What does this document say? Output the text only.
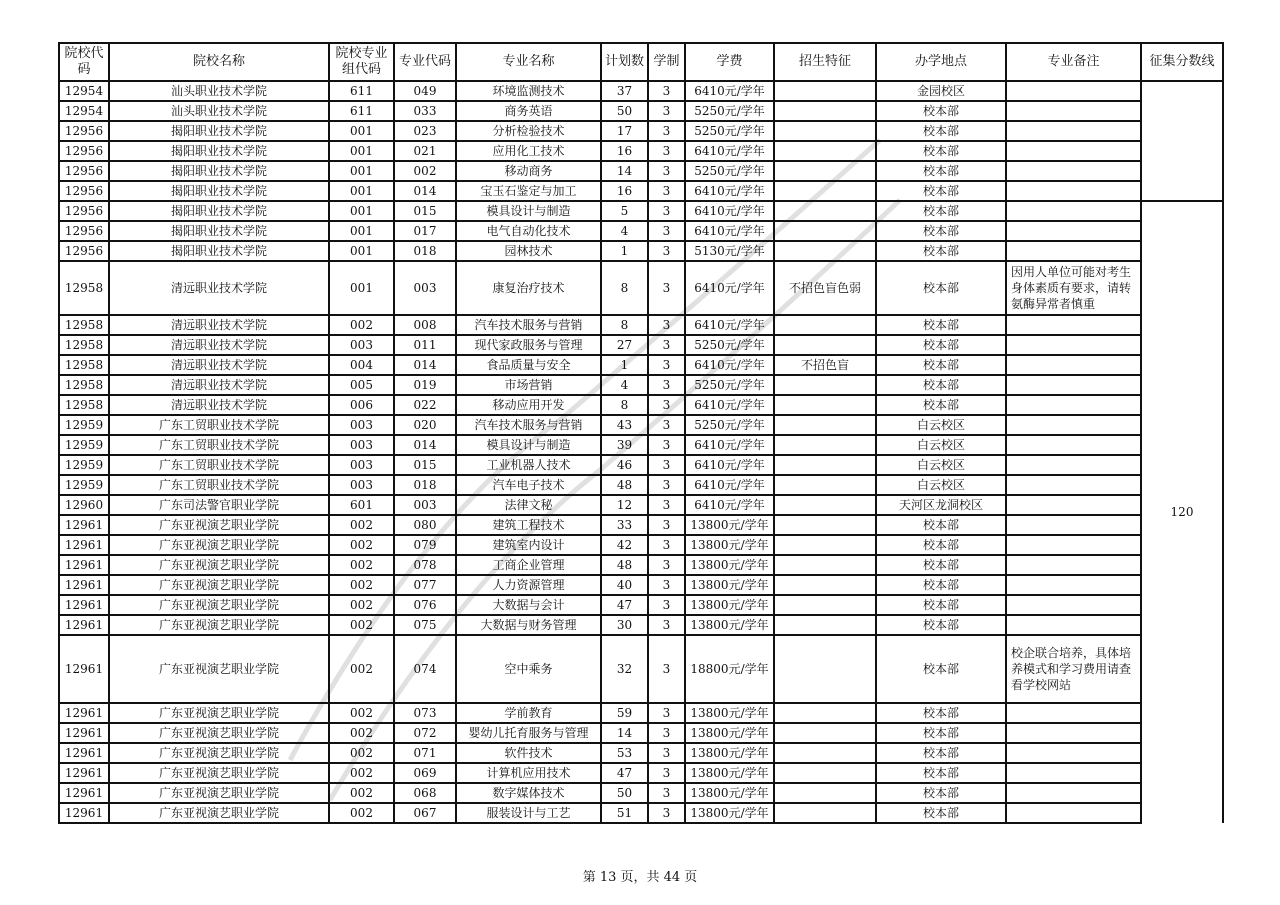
院校代码	院校名称	院校专业组代码	专业代码	专业名称	计划数	学制	学费	招生特征	办学地点	专业备注	征集分数线
12954	汕头职业技术学院	611	049	环境监测技术	37	3	6410元/学年		金园校区		
12954	汕头职业技术学院	611	033	商务英语	50	3	5250元/学年		校本部		
12956	揭阳职业技术学院	001	023	分析检验技术	17	3	5250元/学年		校本部		
12956	揭阳职业技术学院	001	021	应用化工技术	16	3	6410元/学年		校本部		
12956	揭阳职业技术学院	001	002	移动商务	14	3	5250元/学年		校本部		
12956	揭阳职业技术学院	001	014	宝玉石鉴定与加工	16	3	6410元/学年		校本部		
12956	揭阳职业技术学院	001	015	模具设计与制造	5	3	6410元/学年		校本部		120
12956	揭阳职业技术学院	001	017	电气自动化技术	4	3	6410元/学年		校本部		
12956	揭阳职业技术学院	001	018	园林技术	1	3	5130元/学年		校本部		
12958	清远职业技术学院	001	003	康复治疗技术	8	3	6410元/学年	不招色盲色弱	校本部	因用人单位可能对考生身体素质有要求，请转氨酶异常者慎重	
12958	清远职业技术学院	002	008	汽车技术服务与营销	8	3	6410元/学年		校本部		
12958	清远职业技术学院	003	011	现代家政服务与管理	27	3	5250元/学年		校本部		
12958	清远职业技术学院	004	014	食品质量与安全	1	3	6410元/学年	不招色盲	校本部		
12958	清远职业技术学院	005	019	市场营销	4	3	5250元/学年		校本部		
12958	清远职业技术学院	006	022	移动应用开发	8	3	6410元/学年		校本部		
12959	广东工贸职业技术学院	003	020	汽车技术服务与营销	43	3	5250元/学年		白云校区		
12959	广东工贸职业技术学院	003	014	模具设计与制造	39	3	6410元/学年		白云校区		
12959	广东工贸职业技术学院	003	015	工业机器人技术	46	3	6410元/学年		白云校区		
12959	广东工贸职业技术学院	003	018	汽车电子技术	48	3	6410元/学年		白云校区		
12960	广东司法警官职业学院	601	003	法律文秘	12	3	6410元/学年		天河区龙洞校区		
12961	广东亚视演艺职业学院	002	080	建筑工程技术	33	3	13800元/学年		校本部		
12961	广东亚视演艺职业学院	002	079	建筑室内设计	42	3	13800元/学年		校本部		
12961	广东亚视演艺职业学院	002	078	工商企业管理	48	3	13800元/学年		校本部		
12961	广东亚视演艺职业学院	002	077	人力资源管理	40	3	13800元/学年		校本部		
12961	广东亚视演艺职业学院	002	076	大数据与会计	47	3	13800元/学年		校本部		
12961	广东亚视演艺职业学院	002	075	大数据与财务管理	30	3	13800元/学年		校本部		
12961	广东亚视演艺职业学院	002	074	空中乘务	32	3	18800元/学年		校本部	校企联合培养，具体培养模式和学习费用请查看学校网站	
12961	广东亚视演艺职业学院	002	073	学前教育	59	3	13800元/学年		校本部		
12961	广东亚视演艺职业学院	002	072	婴幼儿托育服务与管理	14	3	13800元/学年		校本部		
12961	广东亚视演艺职业学院	002	071	软件技术	53	3	13800元/学年		校本部		
12961	广东亚视演艺职业学院	002	069	计算机应用技术	47	3	13800元/学年		校本部		
12961	广东亚视演艺职业学院	002	068	数字媒体技术	50	3	13800元/学年		校本部		
12961	广东亚视演艺职业学院	002	067	服装设计与工艺	51	3	13800元/学年		校本部		
第 13 页，共 44 页
